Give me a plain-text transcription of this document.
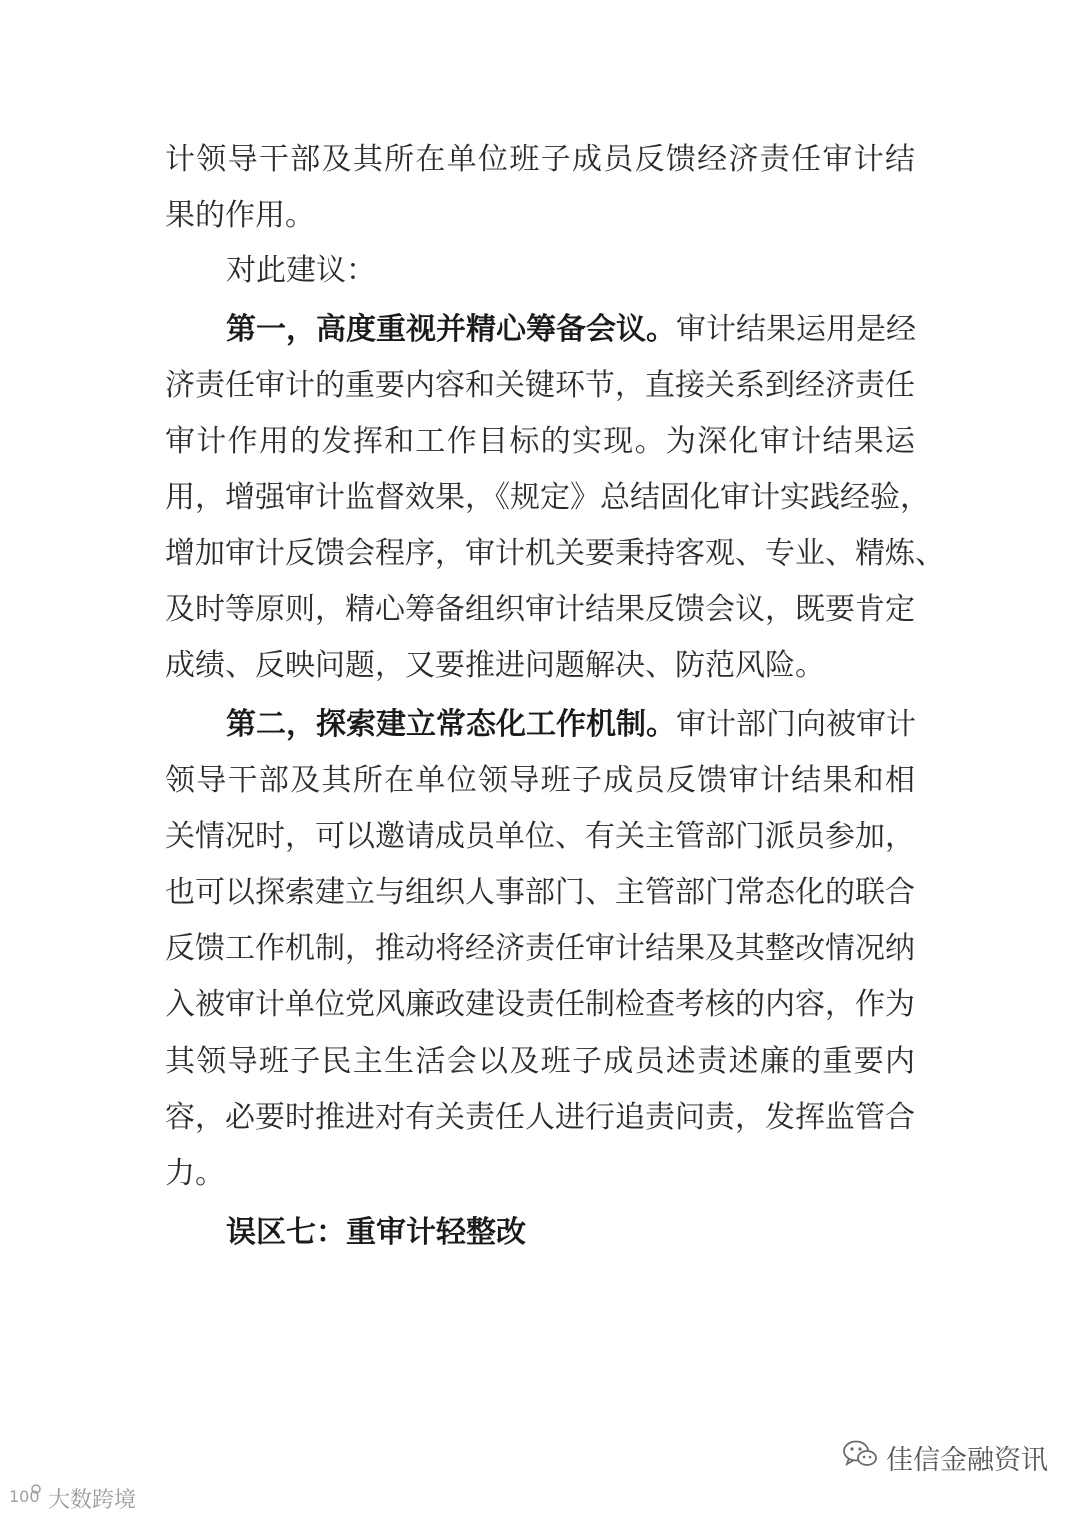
计领导干部及其所在单位班子成员反馈经济责任审计结
果的作用。
对此建议：
第一，高度重视并精心筹备会议。审计结果运用是经
济责任审计的重要内容和关键环节，直接关系到经济责任
审计作用的发挥和工作目标的实现。为深化审计结果运
用，增强审计监督效果，《规定》总结固化审计实践经验，
增加审计反馈会程序，审计机关要秉持客观、专业、精炼、
及时等原则，精心筹备组织审计结果反馈会议，既要肯定
成绩、反映问题，又要推进问题解决、防范风险。
第二，探索建立常态化工作机制。审计部门向被审计
领导干部及其所在单位领导班子成员反馈审计结果和相
关情况时，可以邀请成员单位、有关主管部门派员参加，
也可以探索建立与组织人事部门、主管部门常态化的联合
反馈工作机制，推动将经济责任审计结果及其整改情况纳
入被审计单位党风廉政建设责任制检查考核的内容，作为
其领导班子民主生活会以及班子成员述责述廉的重要内
容，必要时推进对有关责任人进行追责问责，发挥监管合
力。
误区七：重审计轻整改
100 大数跨境
佳信金融资讯
